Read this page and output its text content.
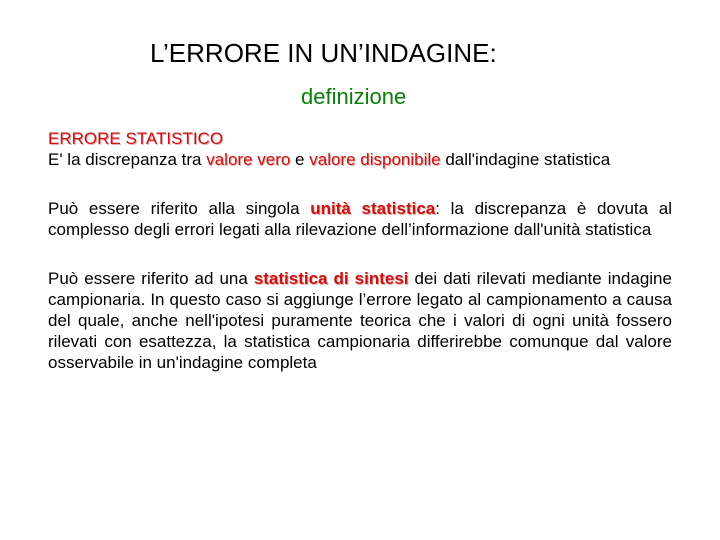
L’ERRORE IN UN’INDAGINE:
definizione

ERRORE STATISTICO

E' la discrepanza tra valore vero e valore disponibile dall'indagine statistica

Può essere riferito alla singola unità statistica: la discrepanza è dovuta al complesso degli errori legati alla rilevazione dell’informazione dall'unità statistica

Può essere riferito ad una statistica di sintesi dei dati rilevati mediante indagine campionaria. In questo caso si aggiunge l’errore legato al campionamento a causa del quale, anche nell'ipotesi puramente teorica che i valori di ogni unità fossero rilevati con esattezza, la statistica campionaria differirebbe comunque dal valore osservabile in un'indagine completa
